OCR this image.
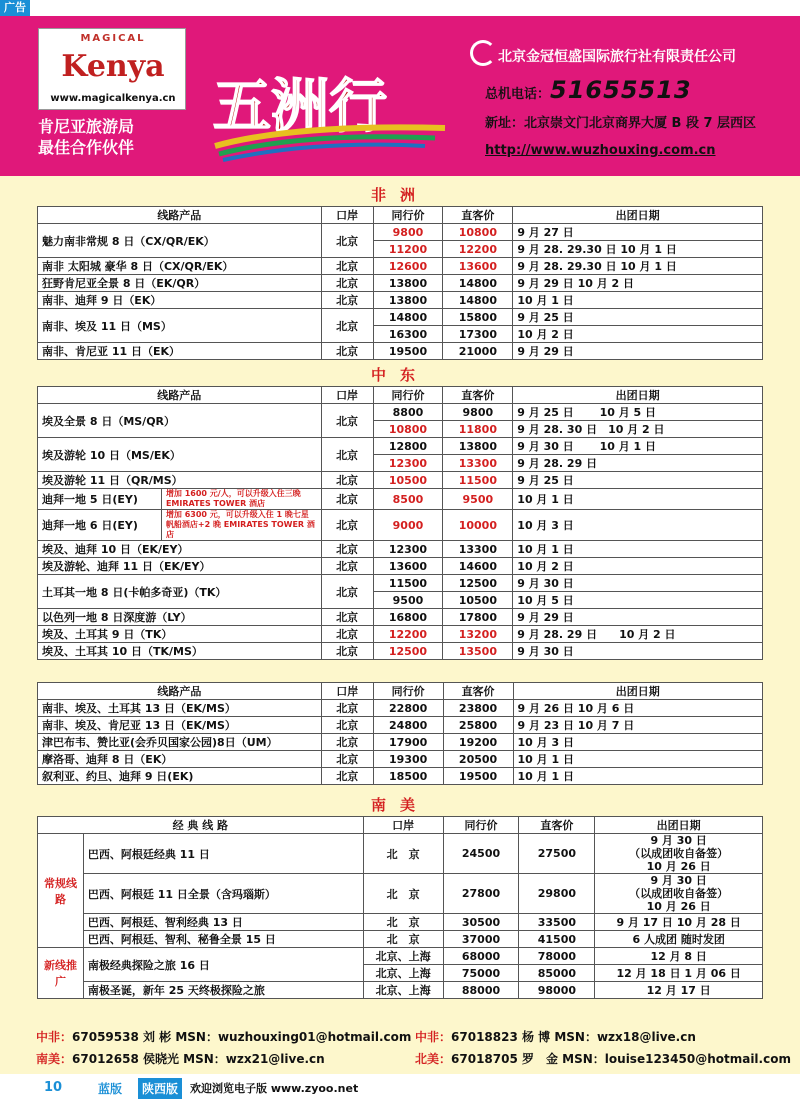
广告
MAGICAL
Kenya
www.magicalkenya.cn
肯尼亚旅游局
最佳合作伙伴
五洲行
北京金冠恒盛国际旅行社有限责任公司
总机电话：51655513
新址：北京崇文门北京商界大厦 B 段 7 层西区
http://www.wuzhouxing.com.cn
非洲
线路产品	口岸	同行价	直客价	出团日期
魅力南非常规 8 日（CX/QR/EK）	北京	9800	10800	9 月 27 日
		11200	12200	9 月 28. 29.30 日 10 月 1 日
南非 太阳城 豪华 8 日（CX/QR/EK）	北京	12600	13600	9 月 28. 29.30 日 10 月 1 日
狂野肯尼亚全景 8 日（EK/QR）	北京	13800	14800	9 月 29 日 10 月 2 日
南非、迪拜 9 日（EK）	北京	13800	14800	10 月 1 日
南非、埃及 11 日（MS）	北京	14800	15800	9 月 25 日
		16300	17300	10 月 2 日
南非、肯尼亚 11 日（EK）	北京	19500	21000	9 月 29 日
中东
线路产品		口岸	同行价	直客价	出团日期
埃及全景 8 日（MS/QR）		北京	8800	9800	9 月 25 日　　 10 月 5 日
			10800	11800	9 月 28. 30 日　10 月 2 日
埃及游轮 10 日（MS/EK）		北京	12800	13800	9 月 30 日　　 10 月 1 日
			12300	13300	9 月 28. 29 日
埃及游轮 11 日（QR/MS）		北京	10500	11500	9 月 25 日
迪拜一地 5 日(EY)	增加 1600 元/人，可以升级入住三晚 EMIRATES TOWER 酒店	北京	8500	9500	10 月 1 日
迪拜一地 6 日(EY)	增加 6300 元，可以升级入住 1 晚七星帆船酒店+2 晚 EMIRATES TOWER 酒店	北京	9000	10000	10 月 3 日
埃及、迪拜 10 日（EK/EY）		北京	12300	13300	10 月 1 日
埃及游轮、迪拜 11 日（EK/EY）		北京	13600	14600	10 月 2 日
土耳其一地 8 日(卡帕多奇亚)（TK）		北京	11500	12500	9 月 30 日
			9500	10500	10 月 5 日
以色列一地 8 日深度游（LY）		北京	16800	17800	9 月 29 日
埃及、土耳其 9 日（TK）		北京	12200	13200	9 月 28. 29 日　　10 月 2 日
埃及、土耳其 10 日（TK/MS）		北京	12500	13500	9 月 30 日
线路产品	口岸	同行价	直客价	出团日期
南非、埃及、土耳其 13 日（EK/MS）	北京	22800	23800	9 月 26 日 10 月 6 日
南非、埃及、肯尼亚 13 日（EK/MS）	北京	24800	25800	9 月 23 日 10 月 7 日
津巴布韦、赞比亚(会乔贝国家公园)8日（UM）	北京	17900	19200	10 月 3 日
摩洛哥、迪拜 8 日（EK）	北京	19300	20500	10 月 1 日
叙利亚、约旦、迪拜 9 日(EK)	北京	18500	19500	10 月 1 日
南美
经 典 线 路		口岸	同行价	直客价	出团日期
常规线路	巴西、阿根廷经典 11 日	北　京	24500	27500	9 月 30 日
（以成团收自备签）
10 月 26 日
	巴西、阿根廷 11 日全景（含玛瑙斯）	北　京	27800	29800	9 月 30 日
（以成团收自备签）
10 月 26 日
	巴西、阿根廷、智利经典 13 日	北　京	30500	33500	9 月 17 日 10 月 28 日
	巴西、阿根廷、智利、秘鲁全景 15 日	北　京	37000	41500	6 人成团 随时发团
新线推广	南极经典探险之旅 16 日	北京、上海	68000	78000	12 月 8 日
		北京、上海	75000	85000	12 月 18 日 1 月 06 日
	南极圣诞，新年 25 天终极探险之旅	北京、上海	88000	98000	12 月 17 日
中非：67059538 刘 彬 MSN：wuzhouxing01@hotmail.com 中非：67018823 杨 博 MSN：wzx18@live.cn
南美：67012658 侯晓光 MSN：wzx21@live.cn	北美：67018705 罗　金 MSN：louise123450@hotmail.com
10	蓝版	陕西版	欢迎浏览电子版 www.zyoo.net
